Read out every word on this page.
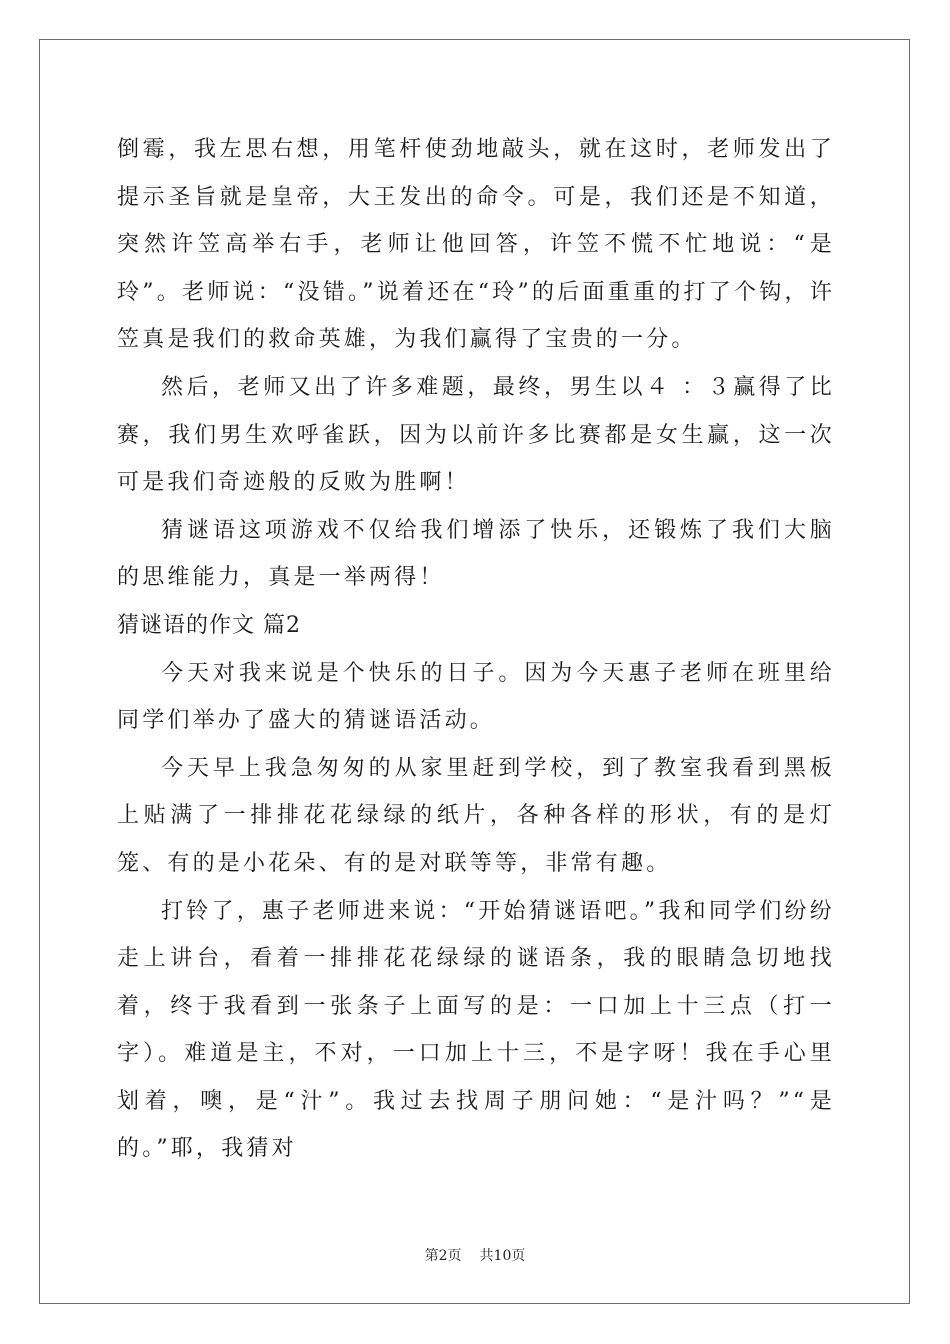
倒霉，我左思右想，用笔杆使劲地敲头，就在这时，老师发出了提示圣旨就是皇帝，大王发出的命令。可是，我们还是不知道，突然许笠高举右手，老师让他回答，许笠不慌不忙地说：“是玲”。老师说：“没错。”说着还在“玲”的后面重重的打了个钩，许笠真是我们的救命英雄，为我们赢得了宝贵的一分。

然后，老师又出了许多难题，最终，男生以４ ：３赢得了比赛，我们男生欢呼雀跃，因为以前许多比赛都是女生赢，这一次可是我们奇迹般的反败为胜啊！

猜谜语这项游戏不仅给我们增添了快乐，还锻炼了我们大脑的思维能力，真是一举两得！

猜谜语的作文 篇2

今天对我来说是个快乐的日子。因为今天惠子老师在班里给同学们举办了盛大的猜谜语活动。

今天早上我急匆匆的从家里赶到学校，到了教室我看到黑板上贴满了一排排花花绿绿的纸片，各种各样的形状，有的是灯笼、有的是小花朵、有的是对联等等，非常有趣。

打铃了，惠子老师进来说：“开始猜谜语吧。”我和同学们纷纷走上讲台，看着一排排花花绿绿的谜语条，我的眼睛急切地找着，终于我看到一张条子上面写的是：一口加上十三点（打一字）。难道是主，不对，一口加上十三，不是字呀！我在手心里划着，噢，是“汁”。我过去找周子朋问她：“是汁吗？”“是的。”耶，我猜对

第2页 共10页
